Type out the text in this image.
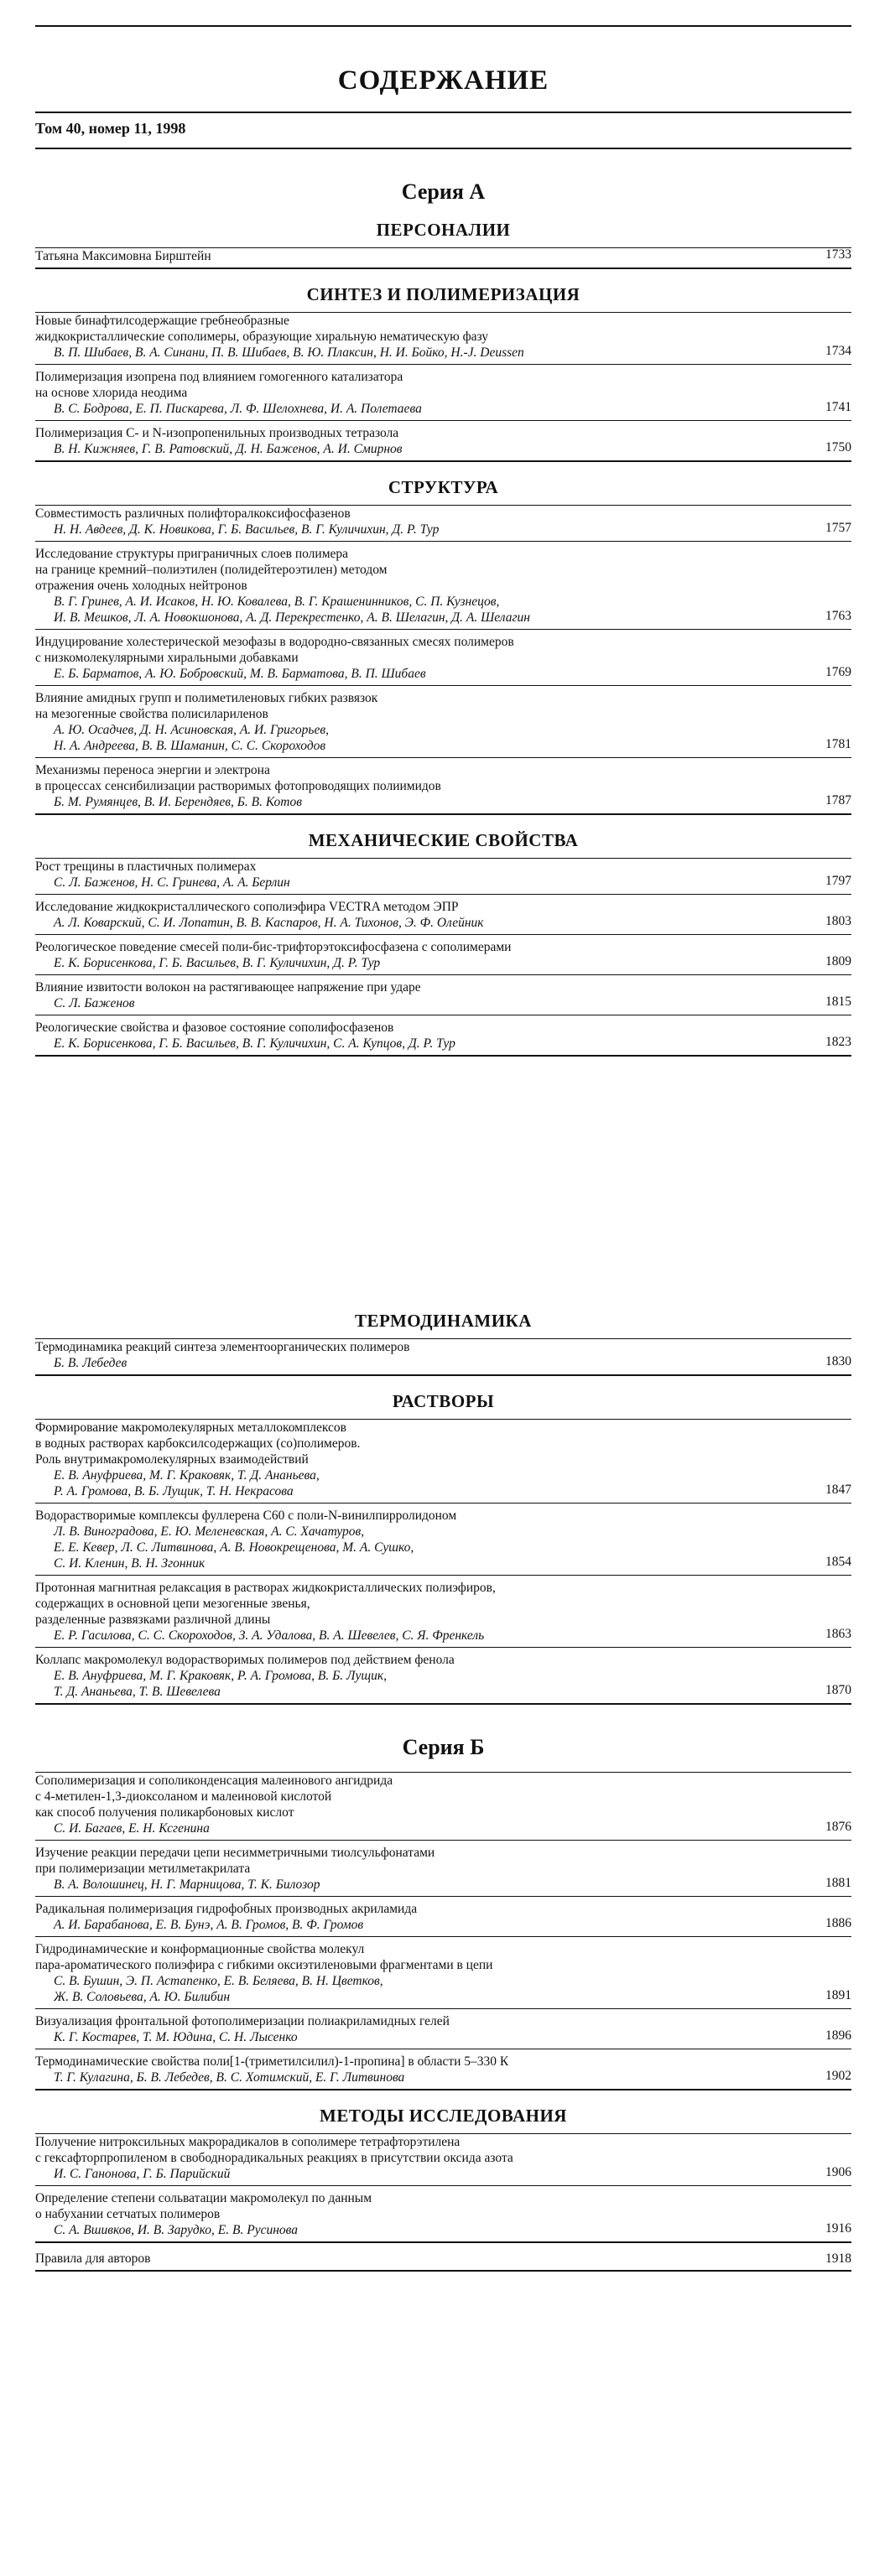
СОДЕРЖАНИЕ
Том 40, номер 11, 1998
Серия А
ПЕРСОНАЛИИ
Татьяна Максимовна Бирштейн	1733
СИНТЕЗ И ПОЛИМЕРИЗАЦИЯ
Новые бинафтилсодержащие гребнеобразные
жидкокристаллические сополимеры, образующие хиральную нематическую фазу
В. П. Шибаев, В. А. Синани, П. В. Шибаев, В. Ю. Плаксин, Н. И. Бойко, H.-J. Deussen	1734
Полимеризация изопрена под влиянием гомогенного катализатора
на основе хлорида неодима
В. С. Бодрова, Е. П. Пискарева, Л. Ф. Шелохнева, И. А. Полетаева	1741
Полимеризация С- и N-изопропенильных производных тетразола
В. Н. Кижняев, Г. В. Ратовский, Д. Н. Баженов, А. И. Смирнов	1750
СТРУКТУРА
Совместимость различных полифторалкоксифосфазенов
Н. Н. Авдеев, Д. К. Новикова, Г. Б. Васильев, В. Г. Куличихин, Д. Р. Тур	1757
Исследование структуры приграничных слоев полимера
на границе кремний–полиэтилен (полидейтероэтилен) методом
отражения очень холодных нейтронов
В. Г. Гринев, А. И. Исаков, Н. Ю. Ковалева, В. Г. Крашенинников, С. П. Кузнецов,
И. В. Мешков, Л. А. Новокшонова, А. Д. Перекрестенко, А. В. Шелагин, Д. А. Шелагин	1763
Индуцирование холестерической мезофазы в водородно-связанных смесях полимеров
с низкомолекулярными хиральными добавками
Е. Б. Барматов, А. Ю. Бобровский, М. В. Барматова, В. П. Шибаев	1769
Влияние амидных групп и полиметиленовых гибких развязок
на мезогенные свойства полисилариленов
А. Ю. Осадчев, Д. Н. Асиновская, А. И. Григорьев,
Н. А. Андреева, В. В. Шаманин, С. С. Скороходов	1781
Механизмы переноса энергии и электрона
в процессах сенсибилизации растворимых фотопроводящих полиимидов
Б. М. Румянцев, В. И. Берендяев, Б. В. Котов	1787
МЕХАНИЧЕСКИЕ СВОЙСТВА
Рост трещины в пластичных полимерах
С. Л. Баженов, Н. С. Гринева, А. А. Берлин	1797
Исследование жидкокристаллического сополиэфира VECTRA методом ЭПР
А. Л. Коварский, С. И. Лопатин, В. В. Каспаров, Н. А. Тихонов, Э. Ф. Олейник	1803
Реологическое поведение смесей поли-бис-трифторэтоксифосфазена с сополимерами
Е. К. Борисенкова, Г. Б. Васильев, В. Г. Куличихин, Д. Р. Тур	1809
Влияние извитости волокон на растягивающее напряжение при ударе
С. Л. Баженов	1815
Реологические свойства и фазовое состояние сополифосфазенов
Е. К. Борисенкова, Г. Б. Васильев, В. Г. Куличихин, С. А. Купцов, Д. Р. Тур	1823
ТЕРМОДИНАМИКА
Термодинамика реакций синтеза элементоорганических полимеров
Б. В. Лебедев	1830
РАСТВОРЫ
Формирование макромолекулярных металлокомплексов
в водных растворах карбоксилсодержащих (со)полимеров.
Роль внутримакромолекулярных взаимодействий
Е. В. Ануфриева, М. Г. Краковяк, Т. Д. Ананьева,
Р. А. Громова, В. Б. Лущик, Т. Н. Некрасова	1847
Водорастворимые комплексы фуллерена C60 с поли-N-винилпирролидоном
Л. В. Виноградова, Е. Ю. Меленевская, А. С. Хачатуров,
Е. Е. Кевер, Л. С. Литвинова, А. В. Новокрещенова, М. А. Сушко,
С. И. Кленин, В. Н. Згонник	1854
Протонная магнитная релаксация в растворах жидкокристаллических полиэфиров,
содержащих в основной цепи мезогенные звенья,
разделенные развязками различной длины
Е. Р. Гасилова, С. С. Скороходов, З. А. Удалова, В. А. Шевелев, С. Я. Френкель	1863
Коллапс макромолекул водорастворимых полимеров под действием фенола
Е. В. Ануфриева, М. Г. Краковяк, Р. А. Громова, В. Б. Лущик,
Т. Д. Ананьева, Т. В. Шевелева	1870
Серия Б
Сополимеризация и сополиконденсация малеинового ангидрида
с 4-метилен-1,3-диоксоланом и малеиновой кислотой
как способ получения поликарбоновых кислот
С. И. Багаев, Е. Н. Ксгенина	1876
Изучение реакции передачи цепи несимметричными тиолсульфонатами
при полимеризации метилметакрилата
В. А. Волошинец, Н. Г. Марницова, Т. К. Билозор	1881
Радикальная полимеризация гидрофобных производных акриламида
А. И. Барабанова, Е. В. Бунэ, А. В. Громов, В. Ф. Громов	1886
Гидродинамические и конформационные свойства молекул
пара-ароматического полиэфира с гибкими оксиэтиленовыми фрагментами в цепи
С. В. Бушин, Э. П. Астапенко, Е. В. Беляева, В. Н. Цветков,
Ж. В. Соловьева, А. Ю. Билибин	1891
Визуализация фронтальной фотополимеризации полиакриламидных гелей
К. Г. Костарев, Т. М. Юдина, С. Н. Лысенко	1896
Термодинамические свойства поли[1-(триметилсилил)-1-пропина] в области 5–330 К
Т. Г. Кулагина, Б. В. Лебедев, В. С. Хотимский, Е. Г. Литвинова	1902
МЕТОДЫ ИССЛЕДОВАНИЯ
Получение нитроксильных макрорадикалов в сополимере тетрафторэтилена
с гексафторпропиленом в свободнорадикальных реакциях в присутствии оксида азота
И. С. Ганонова, Г. Б. Парийский	1906
Определение степени сольватации макромолекул по данным
о набухании сетчатых полимеров
С. А. Вшивков, И. В. Зарудко, Е. В. Русинова	1916
Правила для авторов	1918
